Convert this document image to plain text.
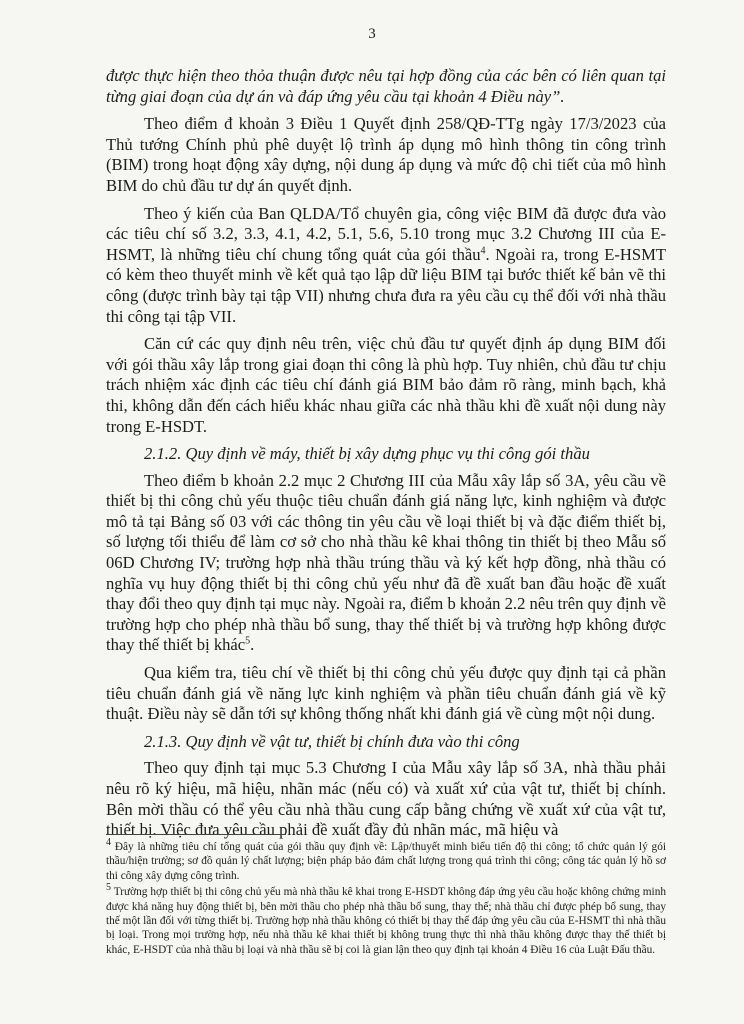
3

được thực hiện theo thỏa thuận được nêu tại hợp đồng của các bên có liên quan tại từng giai đoạn của dự án và đáp ứng yêu cầu tại khoản 4 Điều này”.

Theo điểm đ khoản 3 Điều 1 Quyết định 258/QĐ-TTg ngày 17/3/2023 của Thủ tướng Chính phủ phê duyệt lộ trình áp dụng mô hình thông tin công trình (BIM) trong hoạt động xây dựng, nội dung áp dụng và mức độ chi tiết của mô hình BIM do chủ đầu tư dự án quyết định.

Theo ý kiến của Ban QLDA/Tổ chuyên gia, công việc BIM đã được đưa vào các tiêu chí số 3.2, 3.3, 4.1, 4.2, 5.1, 5.6, 5.10 trong mục 3.2 Chương III của E-HSMT, là những tiêu chí chung tổng quát của gói thầu$^4$. Ngoài ra, trong E-HSMT có kèm theo thuyết minh về kết quả tạo lập dữ liệu BIM tại bước thiết kế bản vẽ thi công (được trình bày tại tập VII) nhưng chưa đưa ra yêu cầu cụ thể đối với nhà thầu thi công tại tập VII.

Căn cứ các quy định nêu trên, việc chủ đầu tư quyết định áp dụng BIM đối với gói thầu xây lắp trong giai đoạn thi công là phù hợp. Tuy nhiên, chủ đầu tư chịu trách nhiệm xác định các tiêu chí đánh giá BIM bảo đảm rõ ràng, minh bạch, khả thi, không dẫn đến cách hiểu khác nhau giữa các nhà thầu khi đề xuất nội dung này trong E-HSDT.

2.1.2. Quy định về máy, thiết bị xây dựng phục vụ thi công gói thầu

Theo điểm b khoản 2.2 mục 2 Chương III của Mẫu xây lắp số 3A, yêu cầu về thiết bị thi công chủ yếu thuộc tiêu chuẩn đánh giá năng lực, kinh nghiệm và được mô tả tại Bảng số 03 với các thông tin yêu cầu về loại thiết bị và đặc điểm thiết bị, số lượng tối thiểu để làm cơ sở cho nhà thầu kê khai thông tin thiết bị theo Mẫu số 06D Chương IV; trường hợp nhà thầu trúng thầu và ký kết hợp đồng, nhà thầu có nghĩa vụ huy động thiết bị thi công chủ yếu như đã đề xuất ban đầu hoặc đề xuất thay đổi theo quy định tại mục này. Ngoài ra, điểm b khoản 2.2 nêu trên quy định về trường hợp cho phép nhà thầu bổ sung, thay thế thiết bị và trường hợp không được thay thế thiết bị khác$^5$.

Qua kiểm tra, tiêu chí về thiết bị thi công chủ yếu được quy định tại cả phần tiêu chuẩn đánh giá về năng lực kinh nghiệm và phần tiêu chuẩn đánh giá về kỹ thuật. Điều này sẽ dẫn tới sự không thống nhất khi đánh giá về cùng một nội dung.

2.1.3. Quy định về vật tư, thiết bị chính đưa vào thi công

Theo quy định tại mục 5.3 Chương I của Mẫu xây lắp số 3A, nhà thầu phải nêu rõ ký hiệu, mã hiệu, nhãn mác (nếu có) và xuất xứ của vật tư, thiết bị chính. Bên mời thầu có thể yêu cầu nhà thầu cung cấp bằng chứng về xuất xứ của vật tư, thiết bị. Việc đưa yêu cầu phải đề xuất đầy đủ nhãn mác, mã hiệu và

$^4$ Đây là những tiêu chí tổng quát của gói thầu quy định về: Lập/thuyết minh biểu tiến độ thi công; tổ chức quản lý gói thầu/hiện trường; sơ đồ quản lý chất lượng; biện pháp bảo đảm chất lượng trong quá trình thi công; công tác quản lý hồ sơ thi công xây dựng công trình.

$^5$ Trường hợp thiết bị thi công chủ yếu mà nhà thầu kê khai trong E-HSDT không đáp ứng yêu cầu hoặc không chứng minh được khả năng huy động thiết bị, bên mời thầu cho phép nhà thầu bổ sung, thay thế; nhà thầu chỉ được phép bổ sung, thay thế một lần đối với từng thiết bị. Trường hợp nhà thầu không có thiết bị thay thế đáp ứng yêu cầu của E-HSMT thì nhà thầu bị loại. Trong mọi trường hợp, nếu nhà thầu kê khai thiết bị không trung thực thì nhà thầu không được thay thế thiết bị khác, E-HSDT của nhà thầu bị loại và nhà thầu sẽ bị coi là gian lận theo quy định tại khoản 4 Điều 16 của Luật Đấu thầu.
